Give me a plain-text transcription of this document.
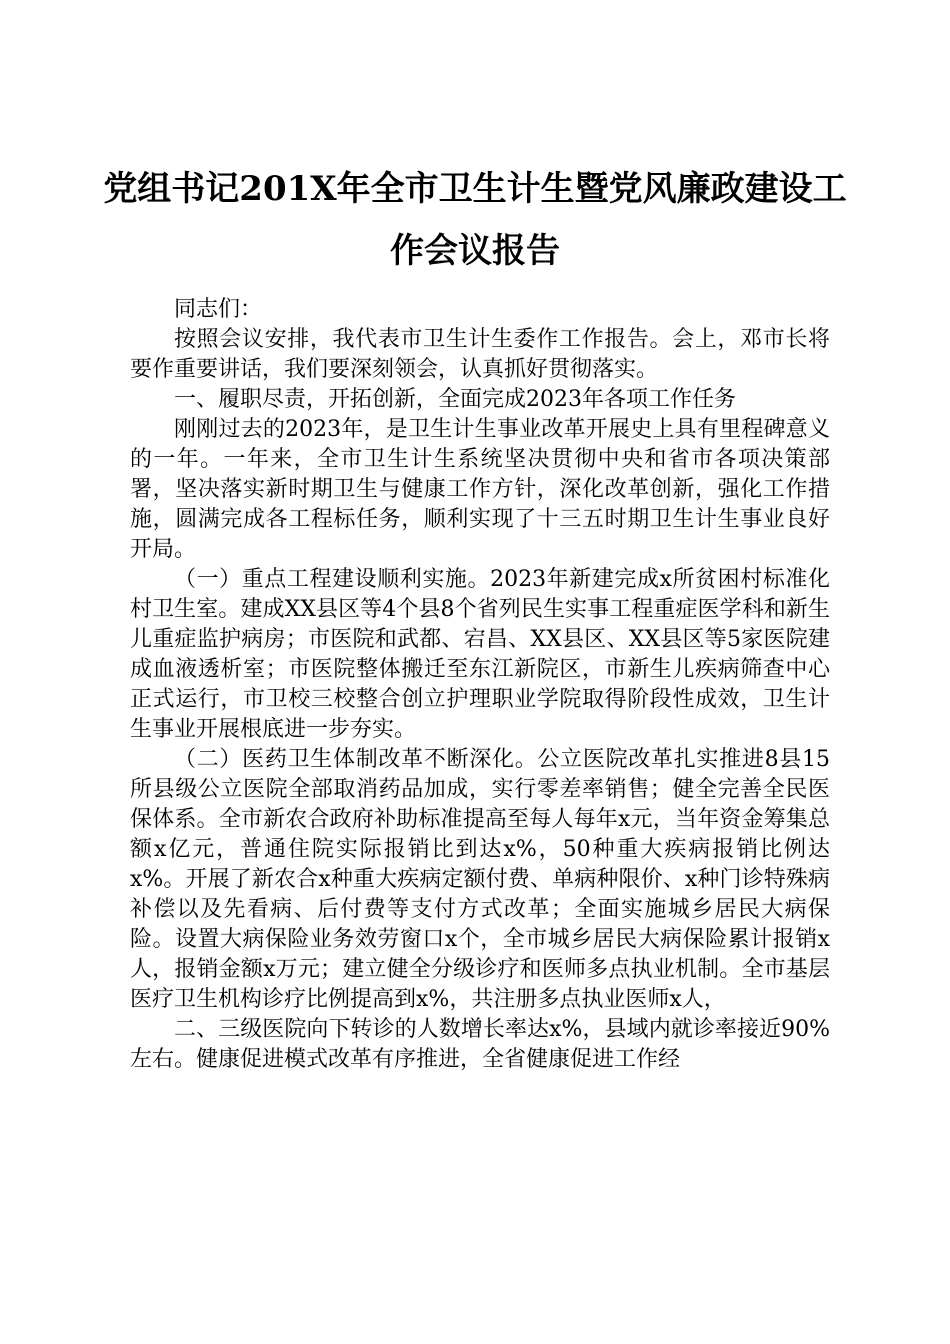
党组书记201X年全市卫生计生暨党风廉政建设工作会议报告

同志们：

按照会议安排，我代表市卫生计生委作工作报告。会上，邓市长将要作重要讲话，我们要深刻领会，认真抓好贯彻落实。

一、履职尽责，开拓创新，全面完成2023年各项工作任务

刚刚过去的2023年，是卫生计生事业改革开展史上具有里程碑意义的一年。一年来，全市卫生计生系统坚决贯彻中央和省市各项决策部署，坚决落实新时期卫生与健康工作方针，深化改革创新，强化工作措施，圆满完成各工程标任务，顺利实现了十三五时期卫生计生事业良好开局。

（一）重点工程建设顺利实施。2023年新建完成x所贫困村标准化村卫生室。建成XX县区等4个县8个省列民生实事工程重症医学科和新生儿重症监护病房；市医院和武都、宕昌、XX县区、XX县区等5家医院建成血液透析室；市医院整体搬迁至东江新院区，市新生儿疾病筛查中心正式运行，市卫校三校整合创立护理职业学院取得阶段性成效，卫生计生事业开展根底进一步夯实。

（二）医药卫生体制改革不断深化。公立医院改革扎实推进8县15所县级公立医院全部取消药品加成，实行零差率销售；健全完善全民医保体系。全市新农合政府补助标准提高至每人每年x元，当年资金筹集总额x亿元，普通住院实际报销比到达x%，50种重大疾病报销比例达x%。开展了新农合x种重大疾病定额付费、单病种限价、x种门诊特殊病补偿以及先看病、后付费等支付方式改革；全面实施城乡居民大病保险。设置大病保险业务效劳窗口x个，全市城乡居民大病保险累计报销x人，报销金额x万元；建立健全分级诊疗和医师多点执业机制。全市基层医疗卫生机构诊疗比例提高到x%，共注册多点执业医师x人，

二、三级医院向下转诊的人数增长率达x%，县域内就诊率接近90%左右。健康促进模式改革有序推进，全省健康促进工作经
